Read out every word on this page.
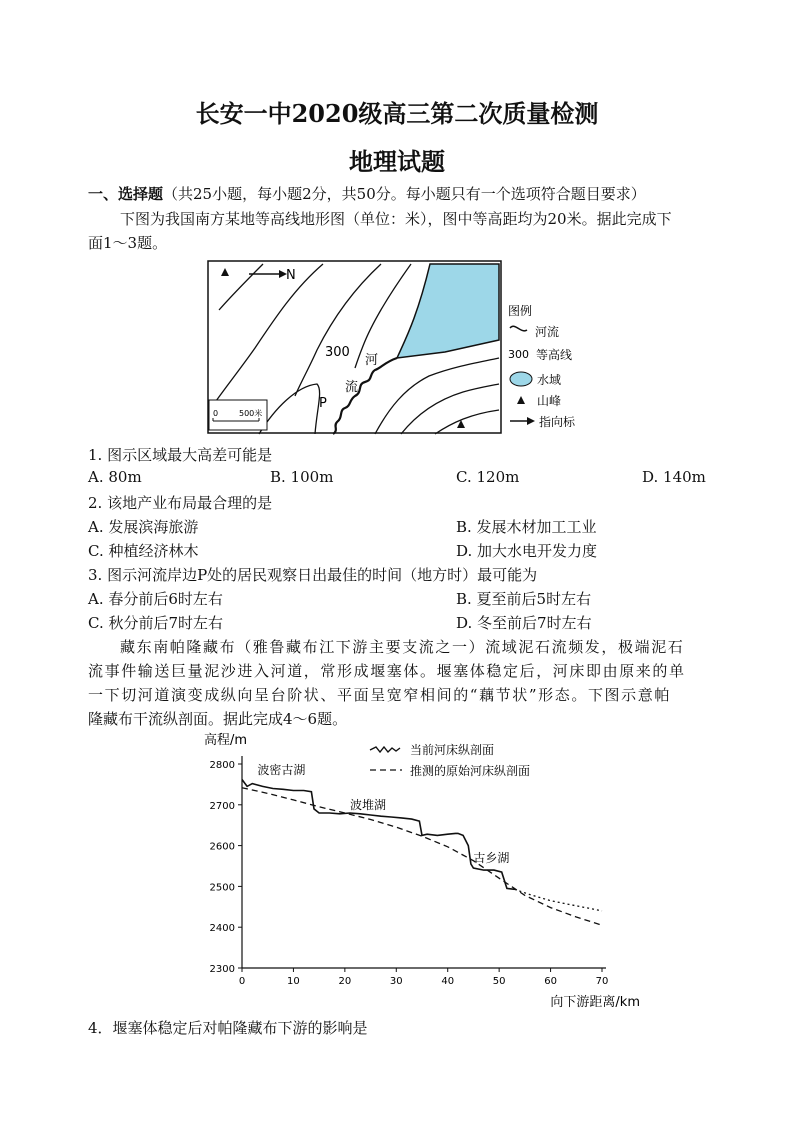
长安一中2020级高三第二次质量检测
地理试题
一、选择题（共25小题，每小题2分，共50分。每小题只有一个选项符合题目要求）
下图为我国南方某地等高线地形图（单位：米），图中等高距均为20米。据此完成下
面1～3题。
N
300
河
流
P
0	500米
图例
河流
300 等高线
水域
山峰
指向标
1. 图示区域最大高差可能是
A. 80m	B. 100m	C. 120m	D. 140m
2. 该地产业布局最合理的是
A. 发展滨海旅游	B. 发展木材加工工业
C. 种植经济林木	D. 加大水电开发力度
3. 图示河流岸边P处的居民观察日出最佳的时间（地方时）最可能为
A. 春分前后6时左右	B. 夏至前后5时左右
C. 秋分前后7时左右	D. 冬至前后7时左右
藏东南帕隆藏布（雅鲁藏布江下游主要支流之一）流域泥石流频发，极端泥石
流事件输送巨量泥沙进入河道，常形成堰塞体。堰塞体稳定后，河床即由原来的单
一下切河道演变成纵向呈台阶状、平面呈宽窄相间的“藕节状”形态。下图示意帕
隆藏布干流纵剖面。据此完成4～6题。
2300
2400
2500
2600
2700
2800
0	10	20	30	40	50	60	70
高程/m
向下游距离/km
波密古湖
波堆湖
古乡湖
当前河床纵剖面
推测的原始河床纵剖面
4．堰塞体稳定后对帕隆藏布下游的影响是
